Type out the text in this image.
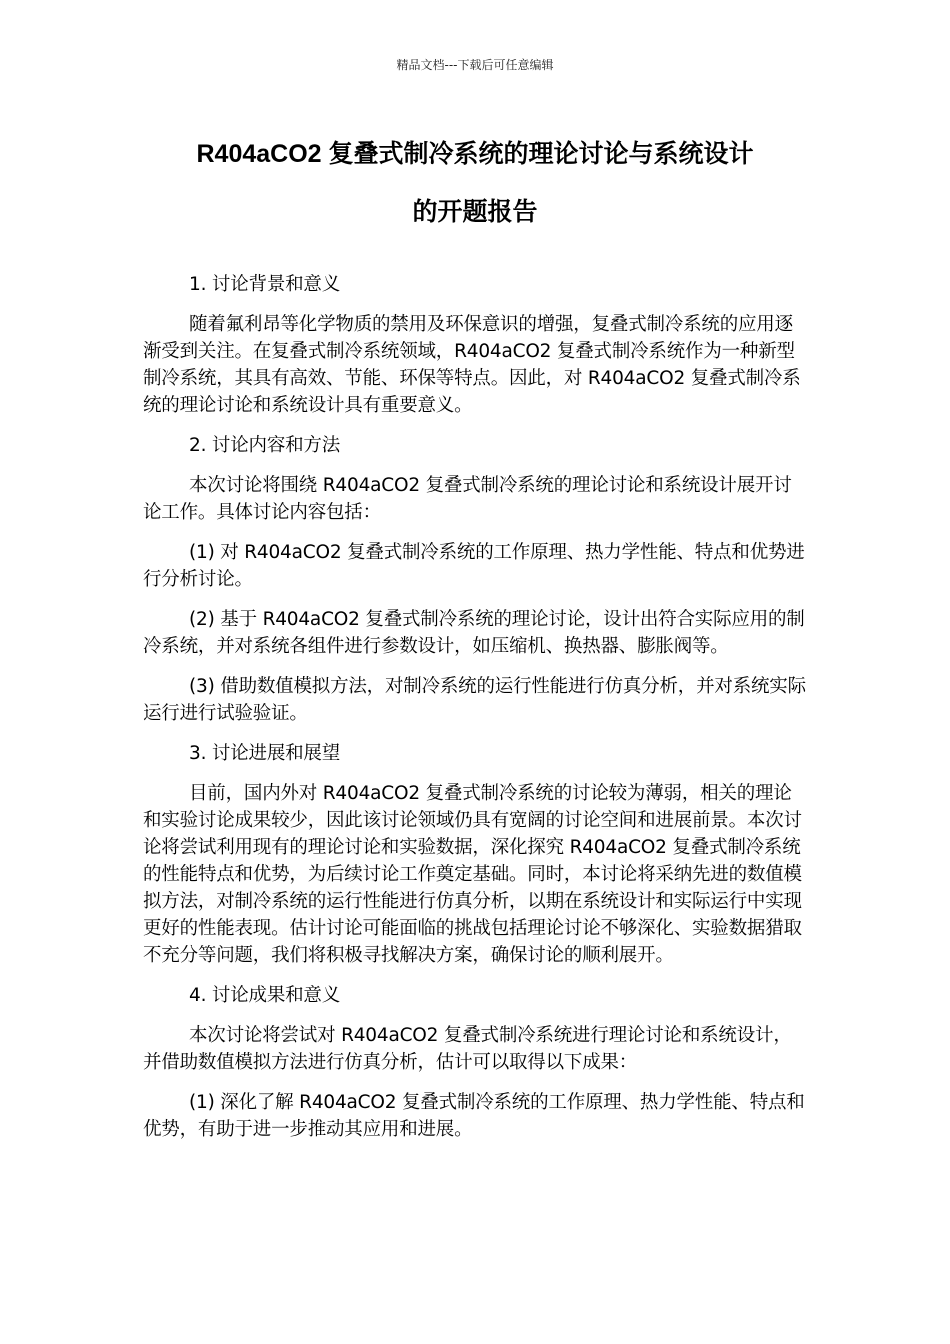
精品文档---下载后可任意编辑
R404aCO2 复叠式制冷系统的理论讨论与系统设计
的开题报告

1. 讨论背景和意义

随着氟利昂等化学物质的禁用及环保意识的增强，复叠式制冷系统的应用逐渐受到关注。在复叠式制冷系统领域，R404aCO2 复叠式制冷系统作为一种新型制冷系统，其具有高效、节能、环保等特点。因此，对 R404aCO2 复叠式制冷系统的理论讨论和系统设计具有重要意义。

2. 讨论内容和方法

本次讨论将围绕 R404aCO2 复叠式制冷系统的理论讨论和系统设计展开讨论工作。具体讨论内容包括：

(1) 对 R404aCO2 复叠式制冷系统的工作原理、热力学性能、特点和优势进行分析讨论。

(2) 基于 R404aCO2 复叠式制冷系统的理论讨论，设计出符合实际应用的制冷系统，并对系统各组件进行参数设计，如压缩机、换热器、膨胀阀等。

(3) 借助数值模拟方法，对制冷系统的运行性能进行仿真分析，并对系统实际运行进行试验验证。

3. 讨论进展和展望

目前，国内外对 R404aCO2 复叠式制冷系统的讨论较为薄弱，相关的理论和实验讨论成果较少，因此该讨论领域仍具有宽阔的讨论空间和进展前景。本次讨论将尝试利用现有的理论讨论和实验数据，深化探究 R404aCO2 复叠式制冷系统的性能特点和优势，为后续讨论工作奠定基础。同时，本讨论将采纳先进的数值模拟方法，对制冷系统的运行性能进行仿真分析，以期在系统设计和实际运行中实现更好的性能表现。估计讨论可能面临的挑战包括理论讨论不够深化、实验数据猎取不充分等问题，我们将积极寻找解决方案，确保讨论的顺利展开。

4. 讨论成果和意义

本次讨论将尝试对 R404aCO2 复叠式制冷系统进行理论讨论和系统设计，并借助数值模拟方法进行仿真分析，估计可以取得以下成果：

(1) 深化了解 R404aCO2 复叠式制冷系统的工作原理、热力学性能、特点和优势，有助于进一步推动其应用和进展。
